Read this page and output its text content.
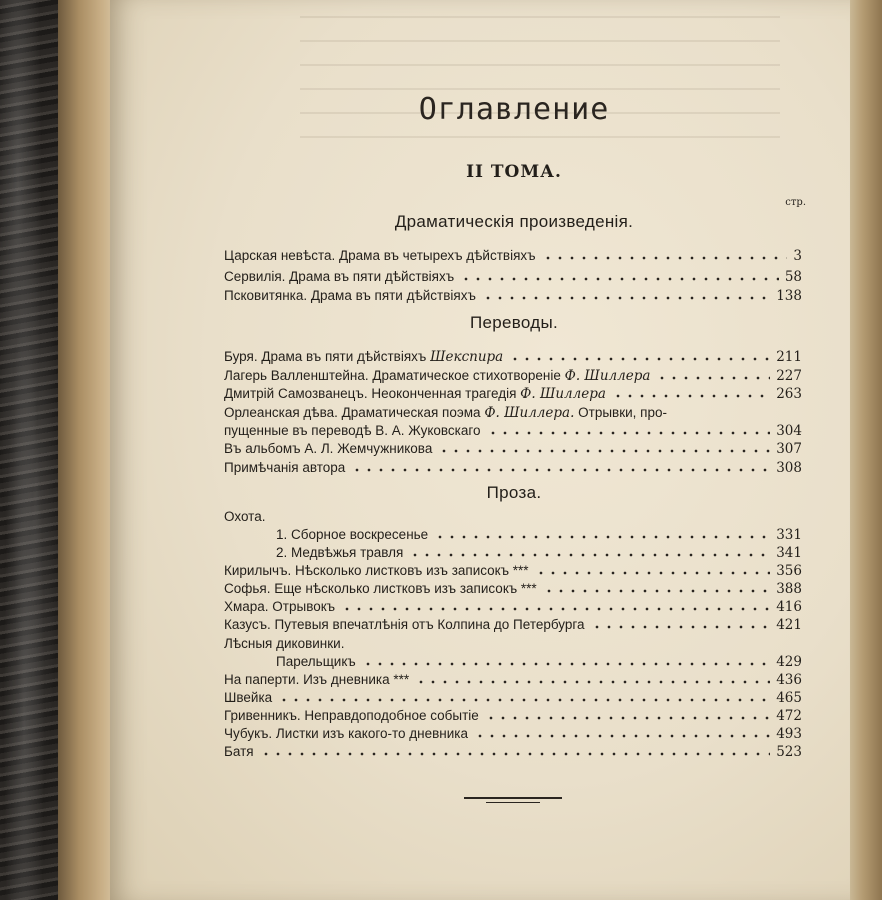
Оглавление
II ТОМА.
стр.
Драматическія произведенія.
Царская невѣста. Драма въ четырехъ дѣйствіяхъ	3
Сервилія. Драма въ пяти дѣйствіяхъ	58
Псковитянка. Драма въ пяти дѣйствіяхъ	138
Переводы.
Буря. Драма въ пяти дѣйствіяхъ Шекспира	211
Лагерь Валленштейна. Драматическое стихотвореніе Ф. Шиллера	227
Дмитрій Самозванецъ. Неоконченная трагедія Ф. Шиллера	263
Орлеанская дѣва. Драматическая поэма Ф. Шиллера. Отрывки, про-
пущенные въ переводѣ В. А. Жуковскаго	304
Въ альбомъ А. Л. Жемчужникова	307
Примѣчанія автора	308
Проза.
Охота.
1. Сборное воскресенье	331
2. Медвѣжья травля	341
Кирилычъ. Нѣсколько листковъ изъ записокъ ***	356
Софья. Еще нѣсколько листковъ изъ записокъ ***	388
Хмара. Отрывокъ	416
Казусъ. Путевыя впечатлѣнія отъ Колпина до Петербурга	421
Лѣсныя диковинки.
Парельщикъ	429
На паперти. Изъ дневника ***	436
Швейка	465
Гривенникъ. Неправдоподобное событіе	472
Чубукъ. Листки изъ какого-то дневника	493
Батя	523
